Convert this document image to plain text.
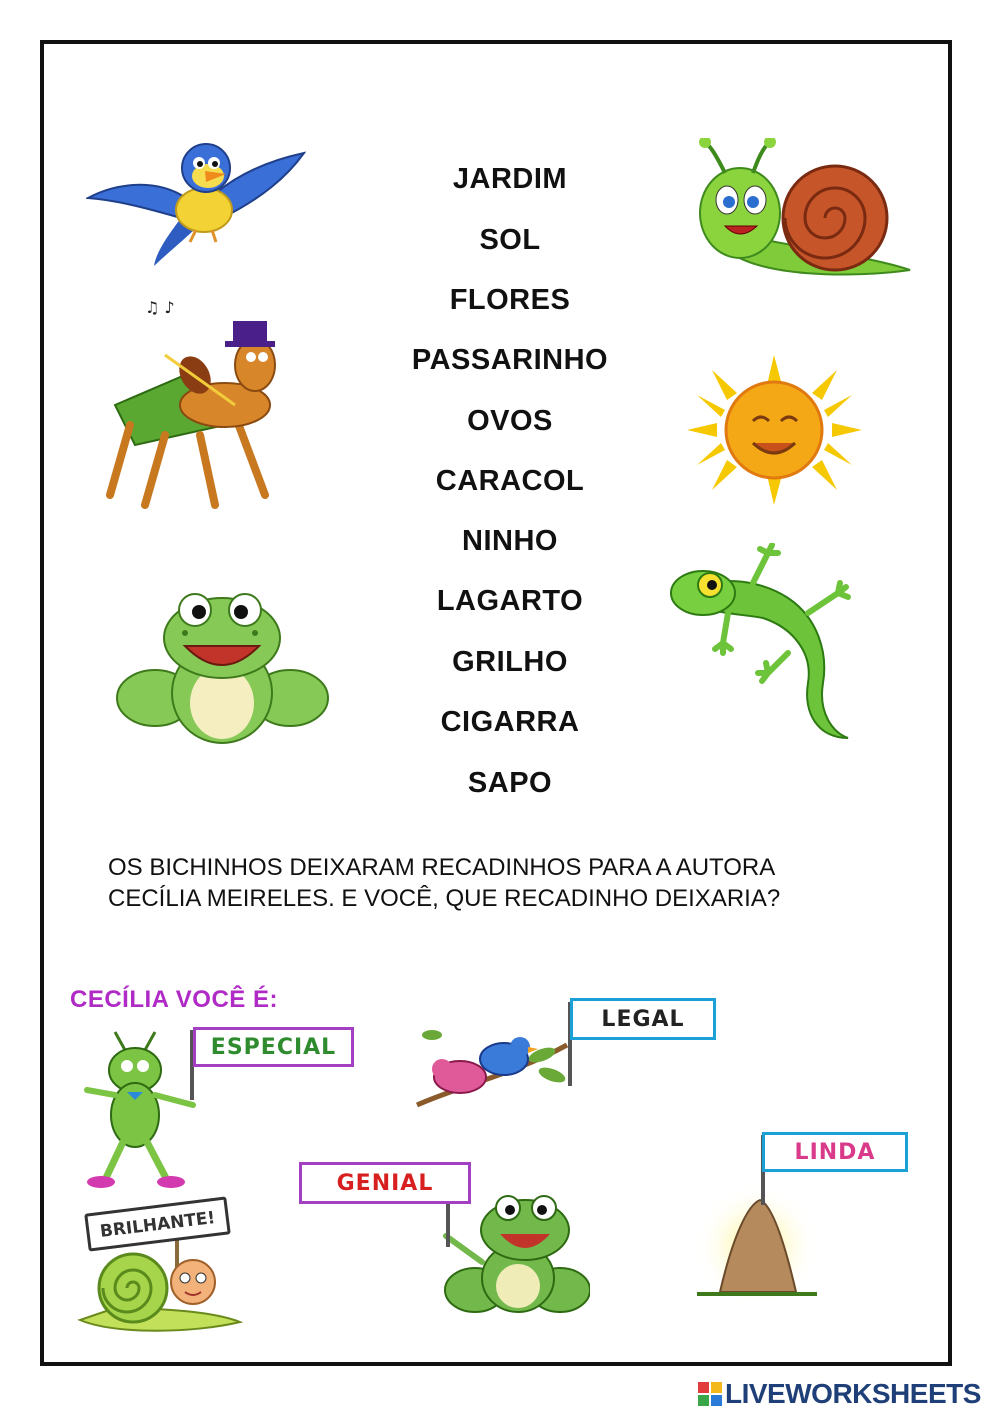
JARDIM
SOL
FLORES
PASSARINHO
OVOS
CARACOL
NINHO
LAGARTO
GRILHO
CIGARRA
SAPO
♫ ♪
OS BICHINHOS DEIXARAM RECADINHOS PARA A AUTORA
CECÍLIA MEIRELES. E VOCÊ, QUE RECADINHO DEIXARIA?
CECÍLIA VOCÊ É:
ESPECIAL
LEGAL
LINDA
GENIAL
BRILHANTE!
LIVEWORKSHEETS
